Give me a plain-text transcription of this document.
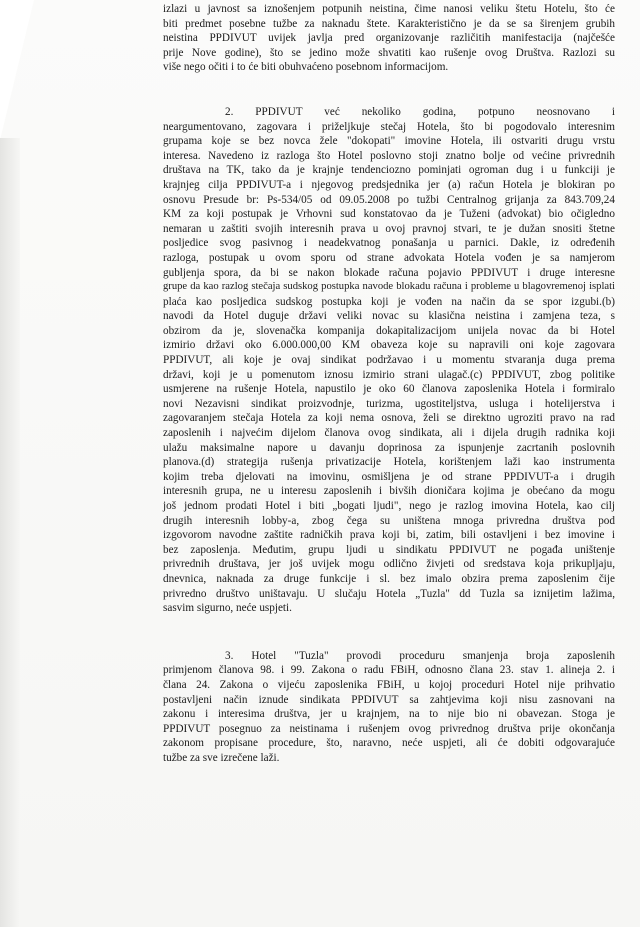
izlazi u javnost sa iznošenjem potpunih neistina, čime nanosi veliku štetu Hotelu, što će
biti predmet posebne tužbe za naknadu štete. Karakteristično je da se sa širenjem grubih
neistina PPDIVUT uvijek javlja pred organizovanje različitih manifestacija (najčešće
prije Nove godine), što se jedino može shvatiti kao rušenje ovog Društva. Razlozi su
više nego očiti i to će biti obuhvaćeno posebnom informacijom.
2. PPDIVUT već nekoliko godina, potpuno neosnovano i
neargumentovano, zagovara i priželjkuje stečaj Hotela, što bi pogodovalo interesnim
grupama koje se bez novca žele "dokopati" imovine Hotela, ili ostvariti drugu vrstu
interesa. Navedeno iz razloga što Hotel poslovno stoji znatno bolje od većine privrednih
društava na TK, tako da je krajnje tendenciozno pominjati ogroman dug i u funkciji je
krajnjeg cilja PPDIVUT-a i njegovog predsjednika jer (a) račun Hotela je blokiran po
osnovu Presude br: Ps-534/05 od 09.05.2008 po tužbi Centralnog grijanja za 843.709,24
KM za koji postupak je Vrhovni sud konstatovao da je Tuženi (advokat) bio očigledno
nemaran u zaštiti svojih interesnih prava u ovoj pravnoj stvari, te je dužan snositi štetne
posljedice svog pasivnog i neadekvatnog ponašanja u parnici. Dakle, iz određenih
razloga, postupak u ovom sporu od strane advokata Hotela vođen je sa namjerom
gubljenja spora, da bi se nakon blokade računa pojavio PPDIVUT i druge interesne
grupe da kao razlog stečaja sudskog postupka navode blokadu računa i probleme u blagovremenoj isplati
plaća kao posljedica sudskog postupka koji je vođen na način da se spor izgubi.(b)
navodi da Hotel duguje državi veliki novac su klasična neistina i zamjena teza, s
obzirom da je, slovenačka kompanija dokapitalizacijom unijela novac da bi Hotel
izmirio državi oko 6.000.000,00 KM obaveza koje su napravili oni koje zagovara
PPDIVUT, ali koje je ovaj sindikat podržavao i u momentu stvaranja duga prema
državi, koji je u pomenutom iznosu izmirio strani ulagač.(c) PPDIVUT, zbog politike
usmjerene na rušenje Hotela, napustilo je oko 60 članova zaposlenika Hotela i formiralo
novi Nezavisni sindikat proizvodnje, turizma, ugostiteljstva, usluga i hotelijerstva i
zagovaranjem stečaja Hotela za koji nema osnova, želi se direktno ugroziti pravo na rad
zaposlenih i najvećim dijelom članova ovog sindikata, ali i dijela drugih radnika koji
ulažu maksimalne napore u davanju doprinosa za ispunjenje zacrtanih poslovnih
planova.(d) strategija rušenja privatizacije Hotela, korištenjem laži kao instrumenta
kojim treba djelovati na imovinu, osmišljena je od strane PPDIVUT-a i drugih
interesnih grupa, ne u interesu zaposlenih i bivših dioničara kojima je obećano da mogu
još jednom prodati Hotel i biti „bogati ljudi", nego je razlog imovina Hotela, kao cilj
drugih interesnih lobby-a, zbog čega su uništena mnoga privredna društva pod
izgovorom navodne zaštite radničkih prava koji bi, zatim, bili ostavljeni i bez imovine i
bez zaposlenja. Međutim, grupu ljudi u sindikatu PPDIVUT ne pogađa uništenje
privrednih društava, jer još uvijek mogu odlično živjeti od sredstava koja prikupljaju,
dnevnica, naknada za druge funkcije i sl. bez imalo obzira prema zaposlenim čije
privredno društvo uništavaju. U slučaju Hotela „Tuzla" dd Tuzla sa iznijetim lažima,
sasvim sigurno, neće uspjeti.
3. Hotel "Tuzla" provodi proceduru smanjenja broja zaposlenih
primjenom članova 98. i 99. Zakona o radu FBiH, odnosno člana 23. stav 1. alineja 2. i
člana 24. Zakona o vijeću zaposlenika FBiH, u kojoj proceduri Hotel nije prihvatio
postavljeni način iznude sindikata PPDIVUT sa zahtjevima koji nisu zasnovani na
zakonu i interesima društva, jer u krajnjem, na to nije bio ni obavezan. Stoga je
PPDIVUT posegnuo za neistinama i rušenjem ovog privrednog društva prije okončanja
zakonom propisane procedure, što, naravno, neće uspjeti, ali će dobiti odgovarajuće
tužbe za sve izrečene laži.
